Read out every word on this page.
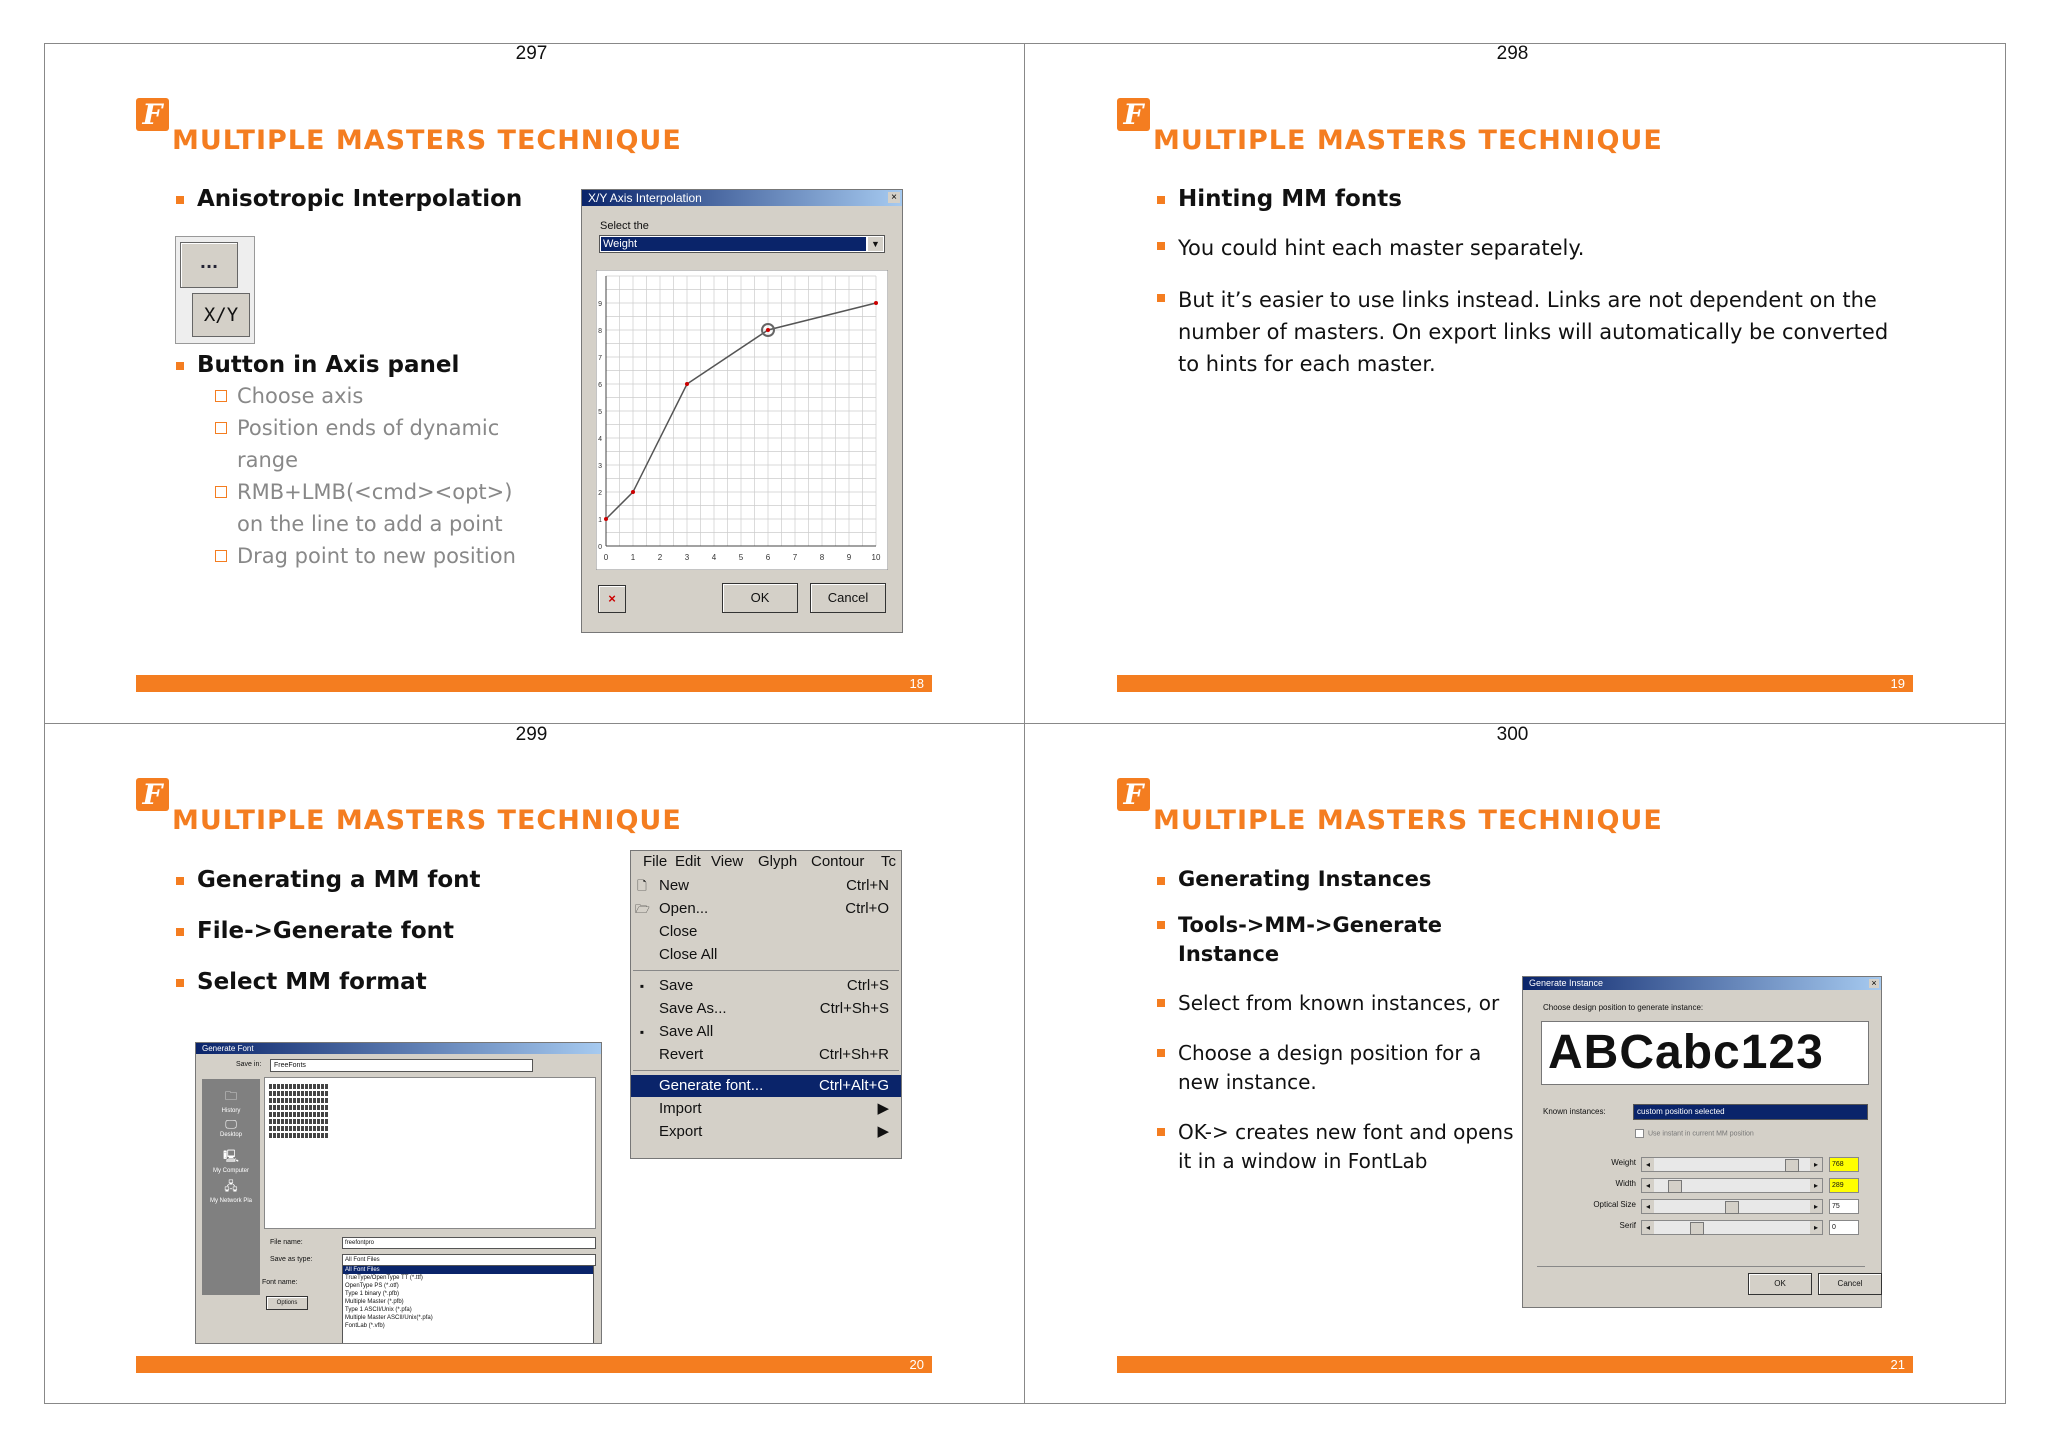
297
F
MULTIPLE MASTERS TECHNIQUE
Anisotropic Interpolation
...
X/Y
Button in Axis panel
Choose axis
Position ends of dynamic range
RMB+LMB(<cmd><opt>) on the line to add a point
Drag point to new position
X/Y Axis Interpolation	×
Select the
Weight	▼
0	1	2	3	4	5	6	7	8	9	10
0
1
2
3
4
5
6
7
8
9
×	OK	Cancel
18
298
F
MULTIPLE MASTERS TECHNIQUE
Hinting MM fonts
You could hint each master separately.
But it’s easier to use links instead. Links are not dependent on the number of masters. On export links will automatically be converted to hints for each master.
19
299
F
MULTIPLE MASTERS TECHNIQUE
Generating a MM font
File->Generate font
Select MM format
File Edit View Glyph Contour Tc
🗋 New	Ctrl+N
🗁 Open...	Ctrl+O
Close
Close All
▪ Save	Ctrl+S
Save As...	Ctrl+Sh+S
▪ Save All
Revert	Ctrl+Sh+R
Generate font...	Ctrl+Alt+G
Import	▶
Export	▶
Generate Font
Save in:	FreeFonts
🗀
History
🖵
Desktop
🖳
My Computer
🖧
My Network Pla
File name:	freefontpro
Save as type:	All Font Files
Font name:
Options
All Font Files
TrueType/OpenType TT (*.ttf)
OpenType PS (*.otf)
Type 1 binary (*.pfb)
Multiple Master (*.pfb)
Type 1 ASCII/Unix (*.pfa)
Multiple Master ASCII/Unix(*.pfa)
FontLab (*.vfb)
20
300
F
MULTIPLE MASTERS TECHNIQUE
Generating Instances
Tools->MM->Generate Instance
Select from known instances, or
Choose a design position for a new instance.
OK-> creates new font and opens it in a window in FontLab
Generate Instance	×
Choose design position to generate instance:
ABCabc123
Known instances:	custom position selected
Use instant in current MM position
Weight	◂	▸	768
Width	◂	▸	289
Optical Size	◂	▸	75
Serif	◂	▸	0
OK	Cancel
21
